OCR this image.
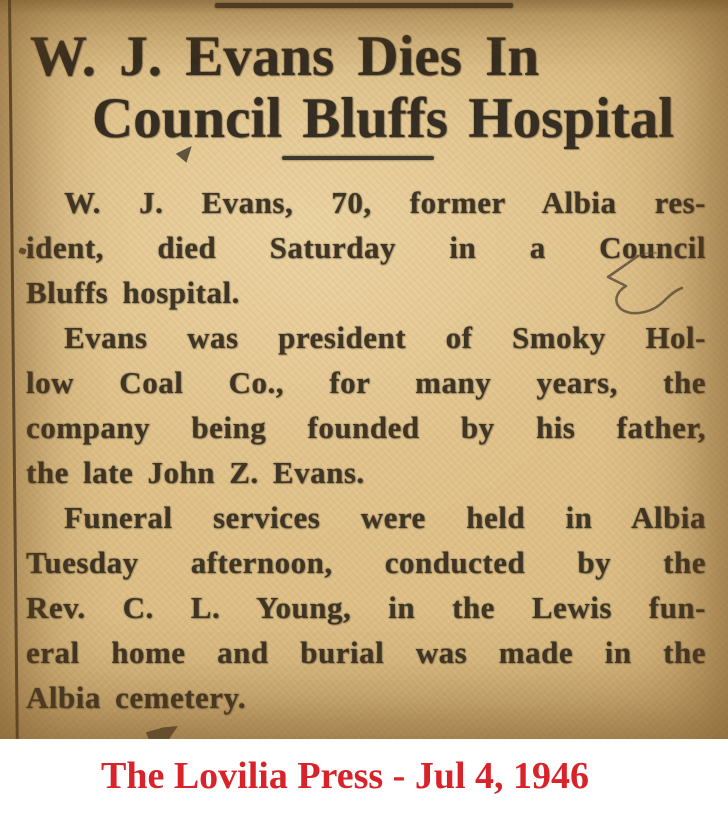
W. J. Evans Dies In
Council Bluffs Hospital
W. J. Evans, 70, former Albia res-
ident, died Saturday in a Council
Bluffs hospital.
Evans was president of Smoky Hol-
low Coal Co., for many years, the
company being founded by his father,
the late John Z. Evans.
Funeral services were held in Albia
Tuesday afternoon, conducted by the
Rev. C. L. Young, in the Lewis fun-
eral home and burial was made in the
Albia cemetery.
The Lovilia Press - Jul 4, 1946
